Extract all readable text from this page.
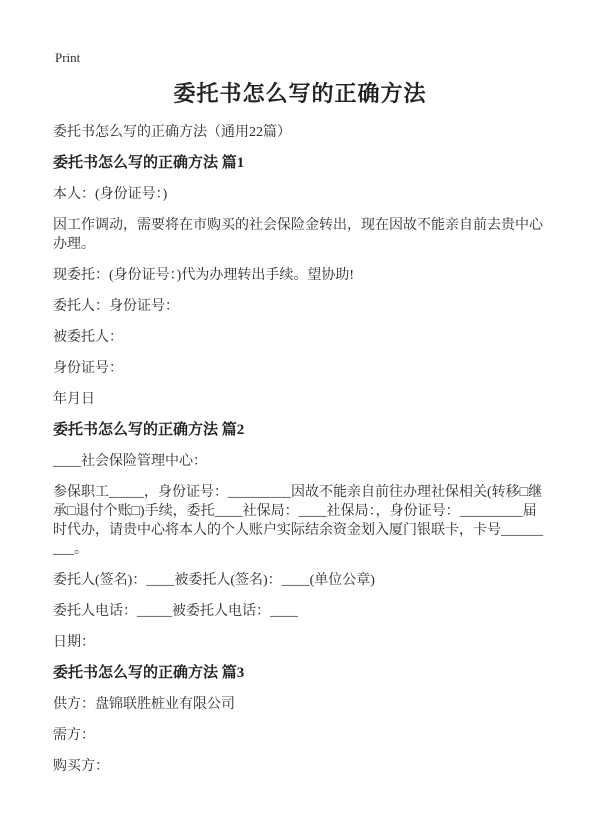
Print
委托书怎么写的正确方法

委托书怎么写的正确方法（通用22篇）

委托书怎么写的正确方法 篇1

本人：(身份证号：)

因工作调动，需要将在市购买的社会保险金转出，现在因故不能亲自前去贵中心办理。

现委托：(身份证号：)代为办理转出手续。望协助!

委托人：身份证号：

被委托人：

身份证号：

年月日

委托书怎么写的正确方法 篇2

____社会保险管理中心：

参保职工_____，身份证号：_________因故不能亲自前往办理社保相关(转移□继承□退付个账□)手续，委托____社保局：____社保局：，身份证号：_________届时代办，请贵中心将本人的个人账户实际结余资金划入厦门银联卡，卡号_________。

委托人(签名)：____被委托人(签名)：____(单位公章)

委托人电话：_____被委托人电话：____

日期：

委托书怎么写的正确方法 篇3

供方：盘锦联胜桩业有限公司

需方：

购买方：
